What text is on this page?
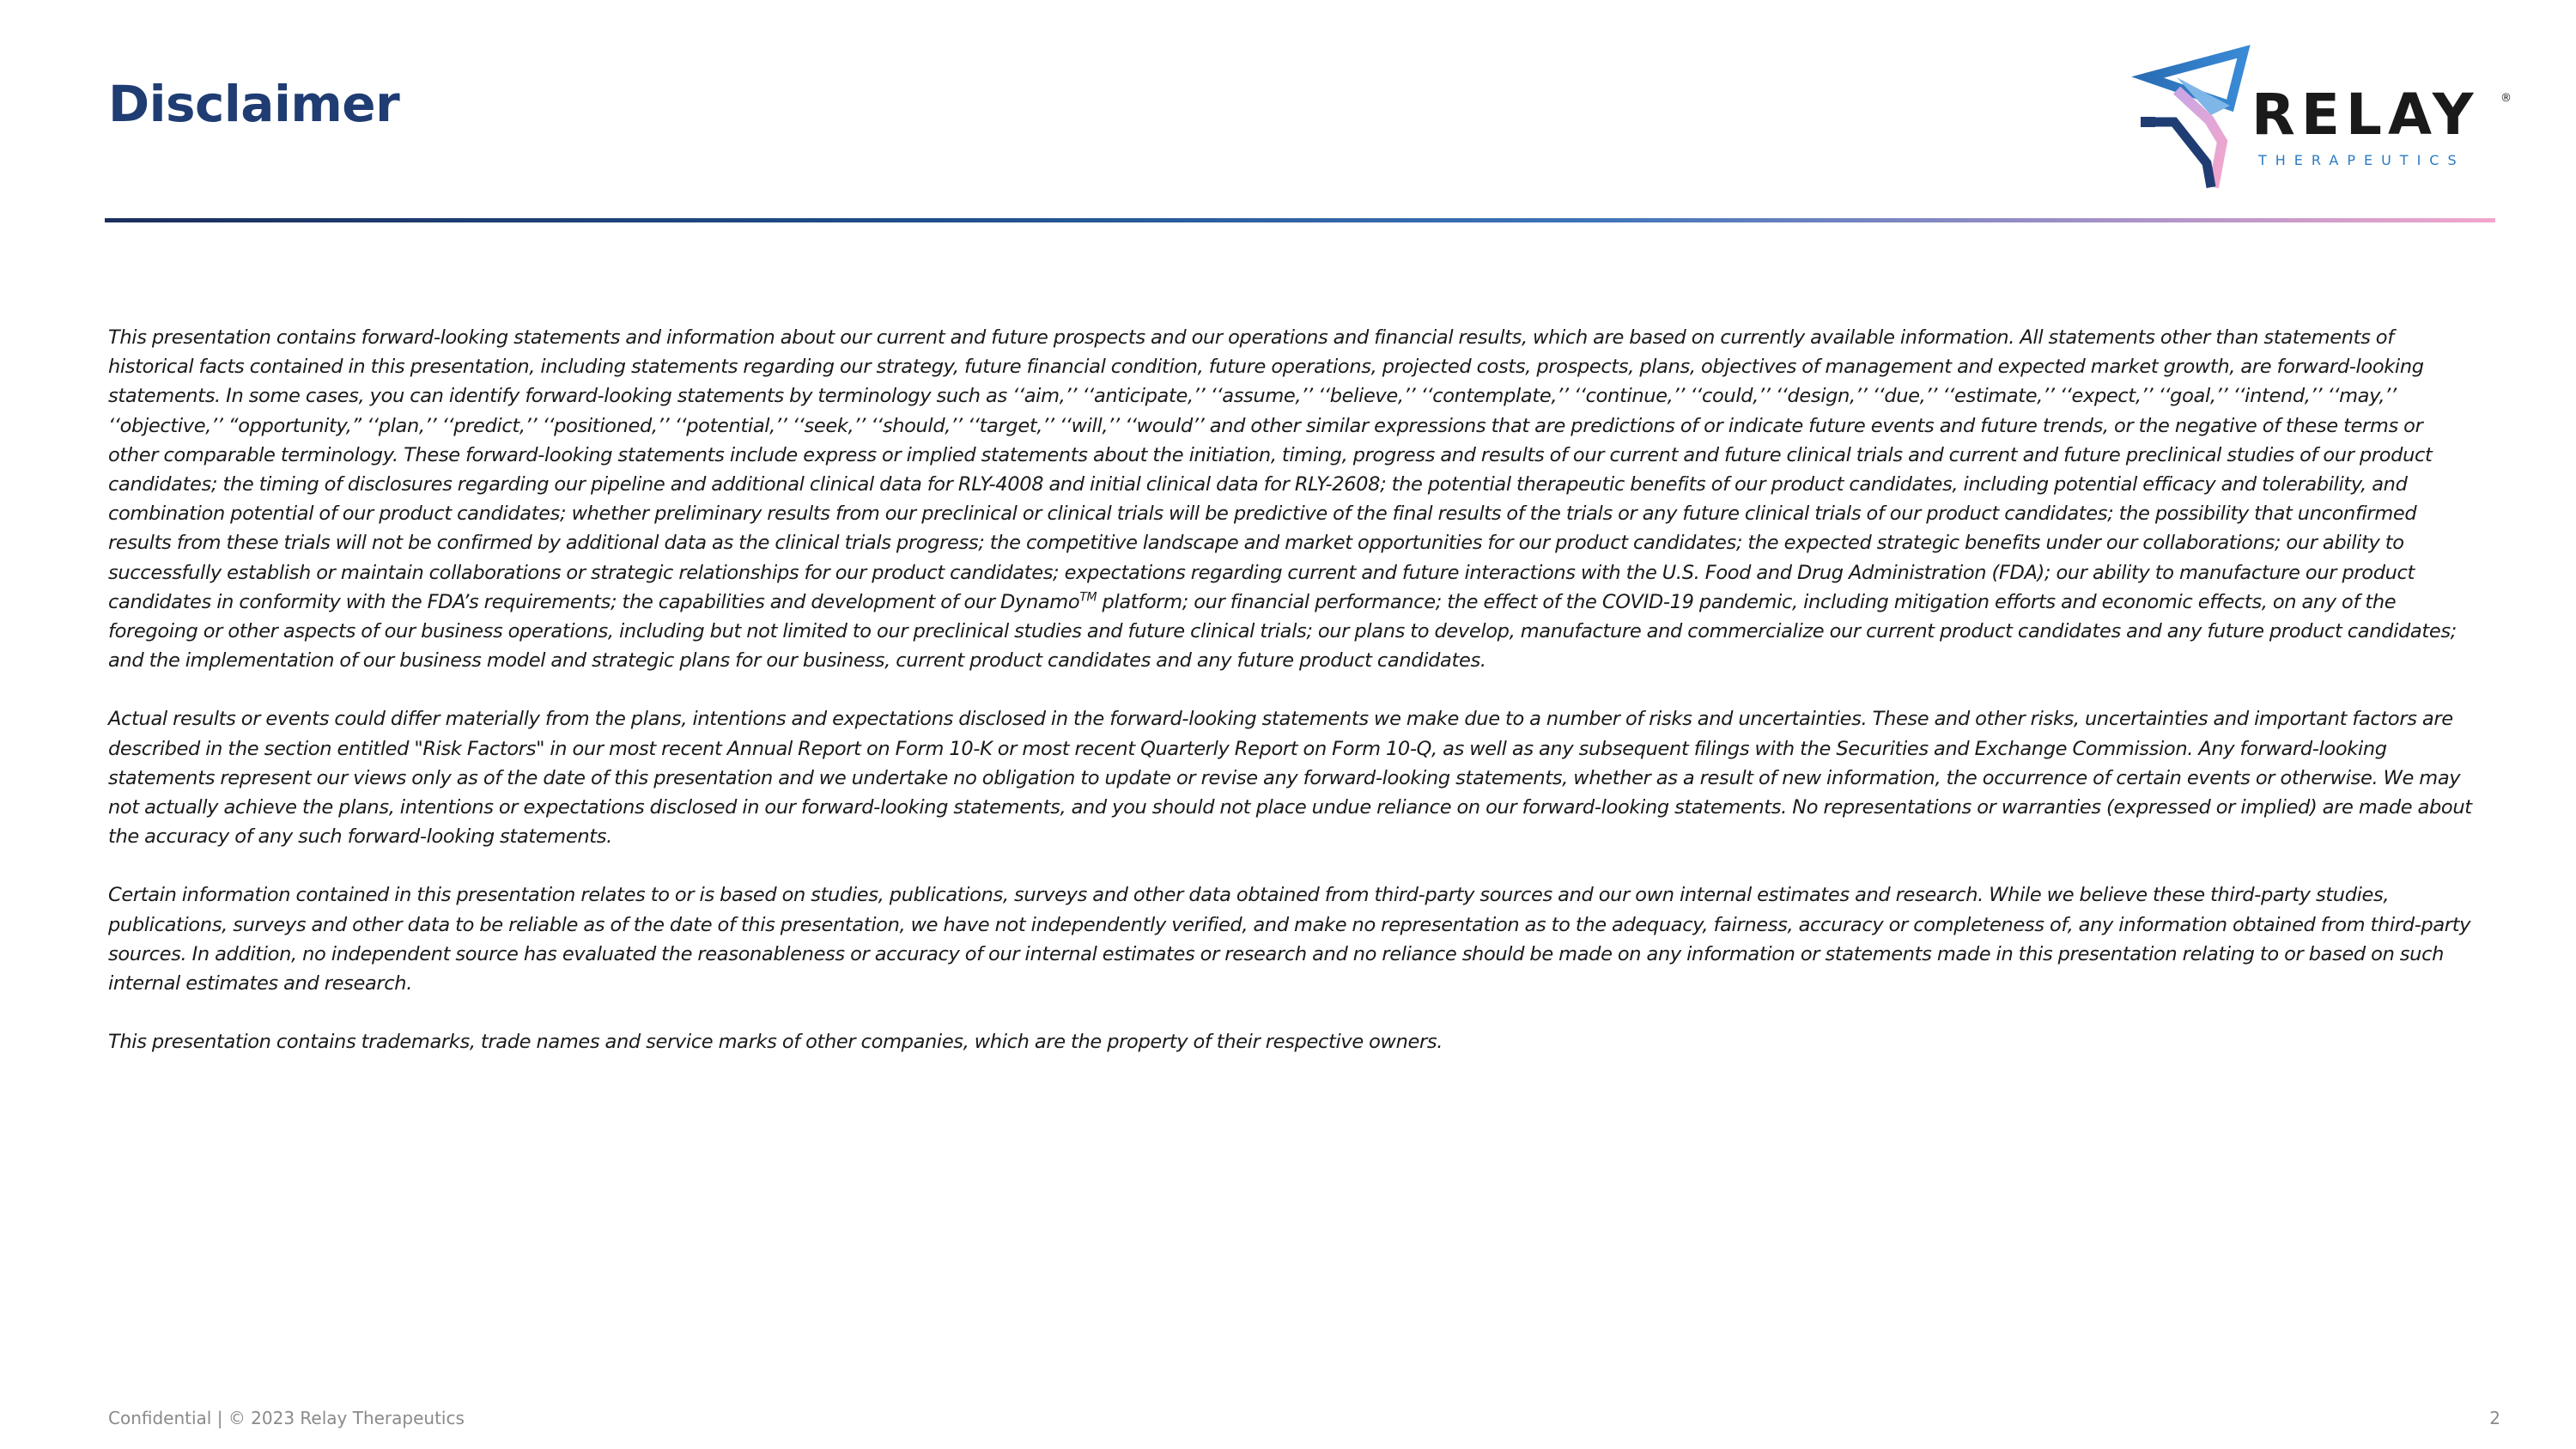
Disclaimer	RELAY ®
THERAPEUTICS

This presentation contains forward-looking statements and information about our current and future prospects and our operations and financial results, which are based on currently available information. All statements other than statements of historical facts contained in this presentation, including statements regarding our strategy, future financial condition, future operations, projected costs, prospects, plans, objectives of management and expected market growth, are forward-looking statements. In some cases, you can identify forward-looking statements by terminology such as ‘‘aim,’’ ‘‘anticipate,’’ ‘‘assume,’’ ‘‘believe,’’ ‘‘contemplate,’’ ‘‘continue,’’ ‘‘could,’’ ‘‘design,’’ ‘‘due,’’ ‘‘estimate,’’ ‘‘expect,’’ ‘‘goal,’’ ‘‘intend,’’ ‘‘may,’’ ‘‘objective,’’ “opportunity,” ‘‘plan,’’ ‘‘predict,’’ ‘‘positioned,’’ ‘‘potential,’’ ‘‘seek,’’ ‘‘should,’’ ‘‘target,’’ ‘‘will,’’ ‘‘would’’ and other similar expressions that are predictions of or indicate future events and future trends, or the negative of these terms or other comparable terminology. These forward-looking statements include express or implied statements about the initiation, timing, progress and results of our current and future clinical trials and current and future preclinical studies of our product candidates; the timing of disclosures regarding our pipeline and additional clinical data for RLY-4008 and initial clinical data for RLY-2608; the potential therapeutic benefits of our product candidates, including potential efficacy and tolerability, and combination potential of our product candidates; whether preliminary results from our preclinical or clinical trials will be predictive of the final results of the trials or any future clinical trials of our product candidates; the possibility that unconfirmed results from these trials will not be confirmed by additional data as the clinical trials progress; the competitive landscape and market opportunities for our product candidates; the expected strategic benefits under our collaborations; our ability to successfully establish or maintain collaborations or strategic relationships for our product candidates; expectations regarding current and future interactions with the U.S. Food and Drug Administration (FDA); our ability to manufacture our product candidates in conformity with the FDA’s requirements; the capabilities and development of our Dynamo™ platform; our financial performance; the effect of the COVID-19 pandemic, including mitigation efforts and economic effects, on any of the foregoing or other aspects of our business operations, including but not limited to our preclinical studies and future clinical trials; our plans to develop, manufacture and commercialize our current product candidates and any future product candidates; and the implementation of our business model and strategic plans for our business, current product candidates and any future product candidates.

Actual results or events could differ materially from the plans, intentions and expectations disclosed in the forward-looking statements we make due to a number of risks and uncertainties. These and other risks, uncertainties and important factors are described in the section entitled "Risk Factors" in our most recent Annual Report on Form 10-K or most recent Quarterly Report on Form 10-Q, as well as any subsequent filings with the Securities and Exchange Commission. Any forward-looking statements represent our views only as of the date of this presentation and we undertake no obligation to update or revise any forward-looking statements, whether as a result of new information, the occurrence of certain events or otherwise. We may not actually achieve the plans, intentions or expectations disclosed in our forward-looking statements, and you should not place undue reliance on our forward-looking statements. No representations or warranties (expressed or implied) are made about the accuracy of any such forward-looking statements.

Certain information contained in this presentation relates to or is based on studies, publications, surveys and other data obtained from third-party sources and our own internal estimates and research. While we believe these third-party studies, publications, surveys and other data to be reliable as of the date of this presentation, we have not independently verified, and make no representation as to the adequacy, fairness, accuracy or completeness of, any information obtained from third-party sources. In addition, no independent source has evaluated the reasonableness or accuracy of our internal estimates or research and no reliance should be made on any information or statements made in this presentation relating to or based on such internal estimates and research.

This presentation contains trademarks, trade names and service marks of other companies, which are the property of their respective owners.

Confidential | © 2023 Relay Therapeutics	2
